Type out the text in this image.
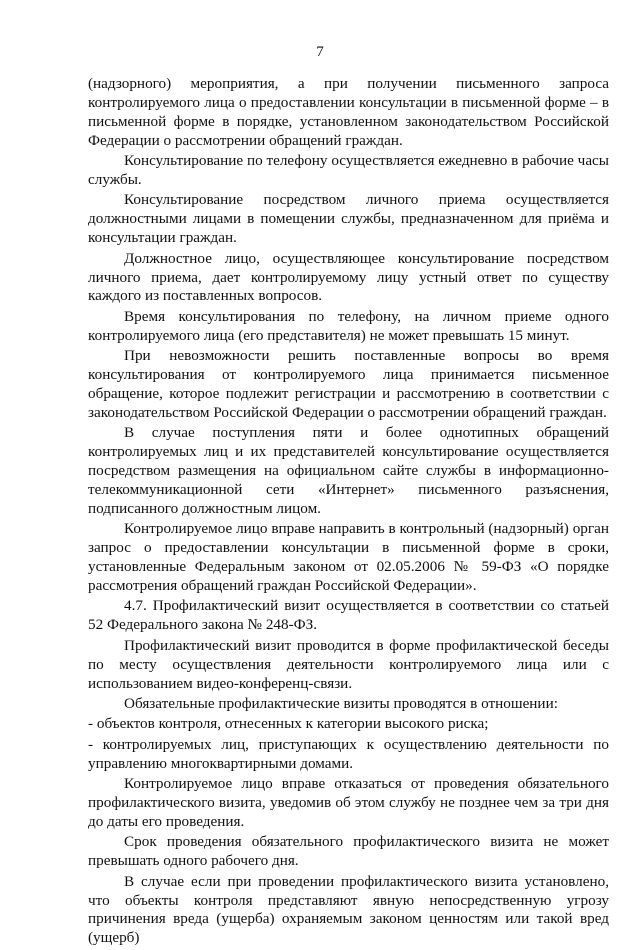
7

(надзорного) мероприятия, а при получении письменного запроса контролируемого лица о предоставлении консультации в письменной форме – в письменной форме в порядке, установленном законодательством Российской Федерации о рассмотрении обращений граждан.

Консультирование по телефону осуществляется ежедневно в рабочие часы службы.

Консультирование посредством личного приема осуществляется должностными лицами в помещении службы, предназначенном для приёма и консультации граждан.

Должностное лицо, осуществляющее консультирование посредством личного приема, дает контролируемому лицу устный ответ по существу каждого из поставленных вопросов.

Время консультирования по телефону, на личном приеме одного контролируемого лица (его представителя) не может превышать 15 минут.

При невозможности решить поставленные вопросы во время консультирования от контролируемого лица принимается письменное обращение, которое подлежит регистрации и рассмотрению в соответствии с законодательством Российской Федерации о рассмотрении обращений граждан.

В случае поступления пяти и более однотипных обращений контролируемых лиц и их представителей консультирование осуществляется посредством размещения на официальном сайте службы в информационно-телекоммуникационной сети «Интернет» письменного разъяснения, подписанного должностным лицом.

Контролируемое лицо вправе направить в контрольный (надзорный) орган запрос о предоставлении консультации в письменной форме в сроки, установленные Федеральным законом от 02.05.2006 № 59-ФЗ «О порядке рассмотрения обращений граждан Российской Федерации».

4.7. Профилактический визит осуществляется в соответствии со статьей 52 Федерального закона № 248-ФЗ.

Профилактический визит проводится в форме профилактической беседы по месту осуществления деятельности контролируемого лица или с использованием видео-конференц-связи.

Обязательные профилактические визиты проводятся в отношении:

- объектов контроля, отнесенных к категории высокого риска;

- контролируемых лиц, приступающих к осуществлению деятельности по управлению многоквартирными домами.

Контролируемое лицо вправе отказаться от проведения обязательного профилактического визита, уведомив об этом службу не позднее чем за три дня до даты его проведения.

Срок проведения обязательного профилактического визита не может превышать одного рабочего дня.

В случае если при проведении профилактического визита установлено, что объекты контроля представляют явную непосредственную угрозу причинения вреда (ущерба) охраняемым законом ценностям или такой вред (ущерб)
